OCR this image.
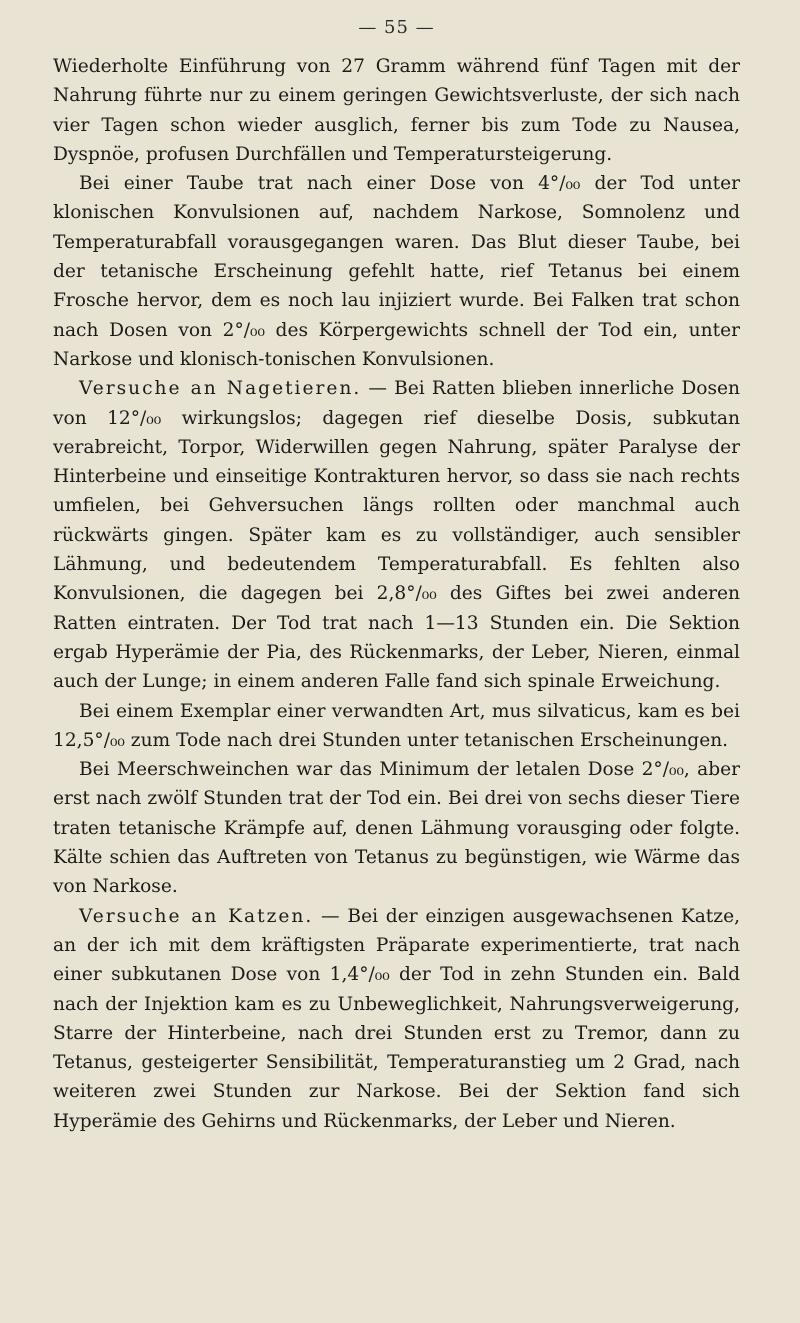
— 55 —

Wiederholte Einführung von 27 Gramm während fünf Tagen mit der Nahrung führte nur zu einem geringen Gewichtsverluste, der sich nach vier Tagen schon wieder ausglich, ferner bis zum Tode zu Nausea, Dyspnöe, profusen Durchfällen und Temperatursteigerung.

Bei einer Taube trat nach einer Dose von 4°/₀₀ der Tod unter klonischen Konvulsionen auf, nachdem Narkose, Somnolenz und Temperaturabfall vorausgegangen waren. Das Blut dieser Taube, bei der tetanische Erscheinung gefehlt hatte, rief Tetanus bei einem Frosche hervor, dem es noch lau injiziert wurde. Bei Falken trat schon nach Dosen von 2°/₀₀ des Körpergewichts schnell der Tod ein, unter Narkose und klonisch-tonischen Konvulsionen.

Versuche an Nagetieren. — Bei Ratten blieben innerliche Dosen von 12°/₀₀ wirkungslos; dagegen rief dieselbe Dosis, subkutan verabreicht, Torpor, Widerwillen gegen Nahrung, später Paralyse der Hinterbeine und einseitige Kontrakturen hervor, so dass sie nach rechts umfielen, bei Gehversuchen längs rollten oder manchmal auch rückwärts gingen. Später kam es zu vollständiger, auch sensibler Lähmung, und bedeutendem Temperaturabfall. Es fehlten also Konvulsionen, die dagegen bei 2,8°/₀₀ des Giftes bei zwei anderen Ratten eintraten. Der Tod trat nach 1—13 Stunden ein. Die Sektion ergab Hyperämie der Pia, des Rückenmarks, der Leber, Nieren, einmal auch der Lunge; in einem anderen Falle fand sich spinale Erweichung.

Bei einem Exemplar einer verwandten Art, mus silvaticus, kam es bei 12,5°/₀₀ zum Tode nach drei Stunden unter tetanischen Erscheinungen.

Bei Meerschweinchen war das Minimum der letalen Dose 2°/₀₀, aber erst nach zwölf Stunden trat der Tod ein. Bei drei von sechs dieser Tiere traten tetanische Krämpfe auf, denen Lähmung vorausging oder folgte. Kälte schien das Auftreten von Tetanus zu begünstigen, wie Wärme das von Narkose.

Versuche an Katzen. — Bei der einzigen ausgewachsenen Katze, an der ich mit dem kräftigsten Präparate experimentierte, trat nach einer subkutanen Dose von 1,4°/₀₀ der Tod in zehn Stunden ein. Bald nach der Injektion kam es zu Unbeweglichkeit, Nahrungsverweigerung, Starre der Hinterbeine, nach drei Stunden erst zu Tremor, dann zu Tetanus, gesteigerter Sensibilität, Temperaturanstieg um 2 Grad, nach weiteren zwei Stunden zur Narkose. Bei der Sektion fand sich Hyperämie des Gehirns und Rückenmarks, der Leber und Nieren.
